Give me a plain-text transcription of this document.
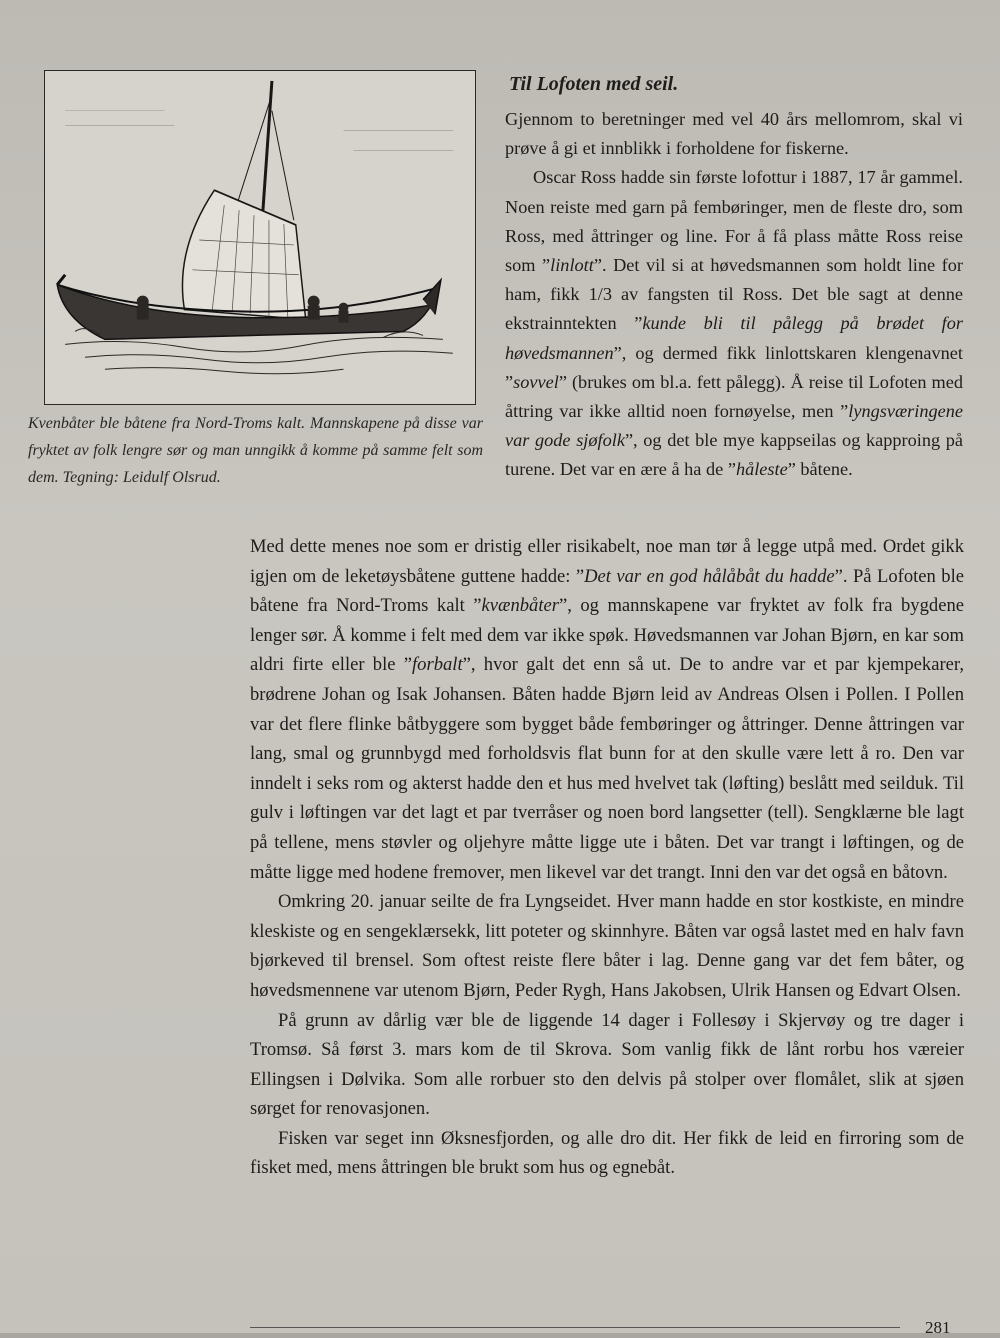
Kvenbåter ble båtene fra Nord-Troms kalt. Mannskapene på disse var fryktet av folk lengre sør og man unngikk å komme på samme felt som dem. Tegning: Leidulf Olsrud.
Til Lofoten med seil.

Gjennom to beretninger med vel 40 års mellomrom, skal vi prøve å gi et innblikk i forholdene for fiskerne.

Oscar Ross hadde sin første lofottur i 1887, 17 år gammel. Noen reiste med garn på fembøringer, men de fleste dro, som Ross, med åttringer og line. For å få plass måtte Ross reise som ”linlott”. Det vil si at høvedsmannen som holdt line for ham, fikk 1/3 av fangsten til Ross. Det ble sagt at denne ekstrainntekten ”kunde bli til pålegg på brødet for høvedsmannen”, og dermed fikk linlottskaren klengenavnet ”sovvel” (brukes om bl.a. fett pålegg). Å reise til Lofoten med åttring var ikke alltid noen fornøyelse, men ”lyngsværingene var gode sjøfolk”, og det ble mye kappseilas og kapproing på turene. Det var en ære å ha de ”håleste” båtene.

Med dette menes noe som er dristig eller risikabelt, noe man tør å legge utpå med. Ordet gikk igjen om de leketøysbåtene guttene hadde: ”Det var en god hålåbåt du hadde”. På Lofoten ble båtene fra Nord-Troms kalt ”kvænbåter”, og mannskapene var fryktet av folk fra bygdene lenger sør. Å komme i felt med dem var ikke spøk. Høvedsmannen var Johan Bjørn, en kar som aldri firte eller ble ”forbalt”, hvor galt det enn så ut. De to andre var et par kjempekarer, brødrene Johan og Isak Johansen. Båten hadde Bjørn leid av Andreas Olsen i Pollen. I Pollen var det flere flinke båtbyggere som bygget både fembøringer og åttringer. Denne åttringen var lang, smal og grunnbygd med forholdsvis flat bunn for at den skulle være lett å ro. Den var inndelt i seks rom og akterst hadde den et hus med hvelvet tak (løfting) beslått med seilduk. Til gulv i løftingen var det lagt et par tverråser og noen bord langsetter (tell). Sengklærne ble lagt på tellene, mens støvler og oljehyre måtte ligge ute i båten. Det var trangt i løftingen, og de måtte ligge med hodene fremover, men likevel var det trangt. Inni den var det også en båtovn.

Omkring 20. januar seilte de fra Lyngseidet. Hver mann hadde en stor kostkiste, en mindre kleskiste og en sengeklærsekk, litt poteter og skinnhyre. Båten var også lastet med en halv favn bjørkeved til brensel. Som oftest reiste flere båter i lag. Denne gang var det fem båter, og høvedsmennene var utenom Bjørn, Peder Rygh, Hans Jakobsen, Ulrik Hansen og Edvart Olsen.

På grunn av dårlig vær ble de liggende 14 dager i Follesøy i Skjervøy og tre dager i Tromsø. Så først 3. mars kom de til Skrova. Som vanlig fikk de lånt rorbu hos væreier Ellingsen i Dølvika. Som alle rorbuer sto den delvis på stolper over flomålet, slik at sjøen sørget for renovasjonen.

Fisken var seget inn Øksnesfjorden, og alle dro dit. Her fikk de leid en firroring som de fisket med, mens åttringen ble brukt som hus og egnebåt.

281
